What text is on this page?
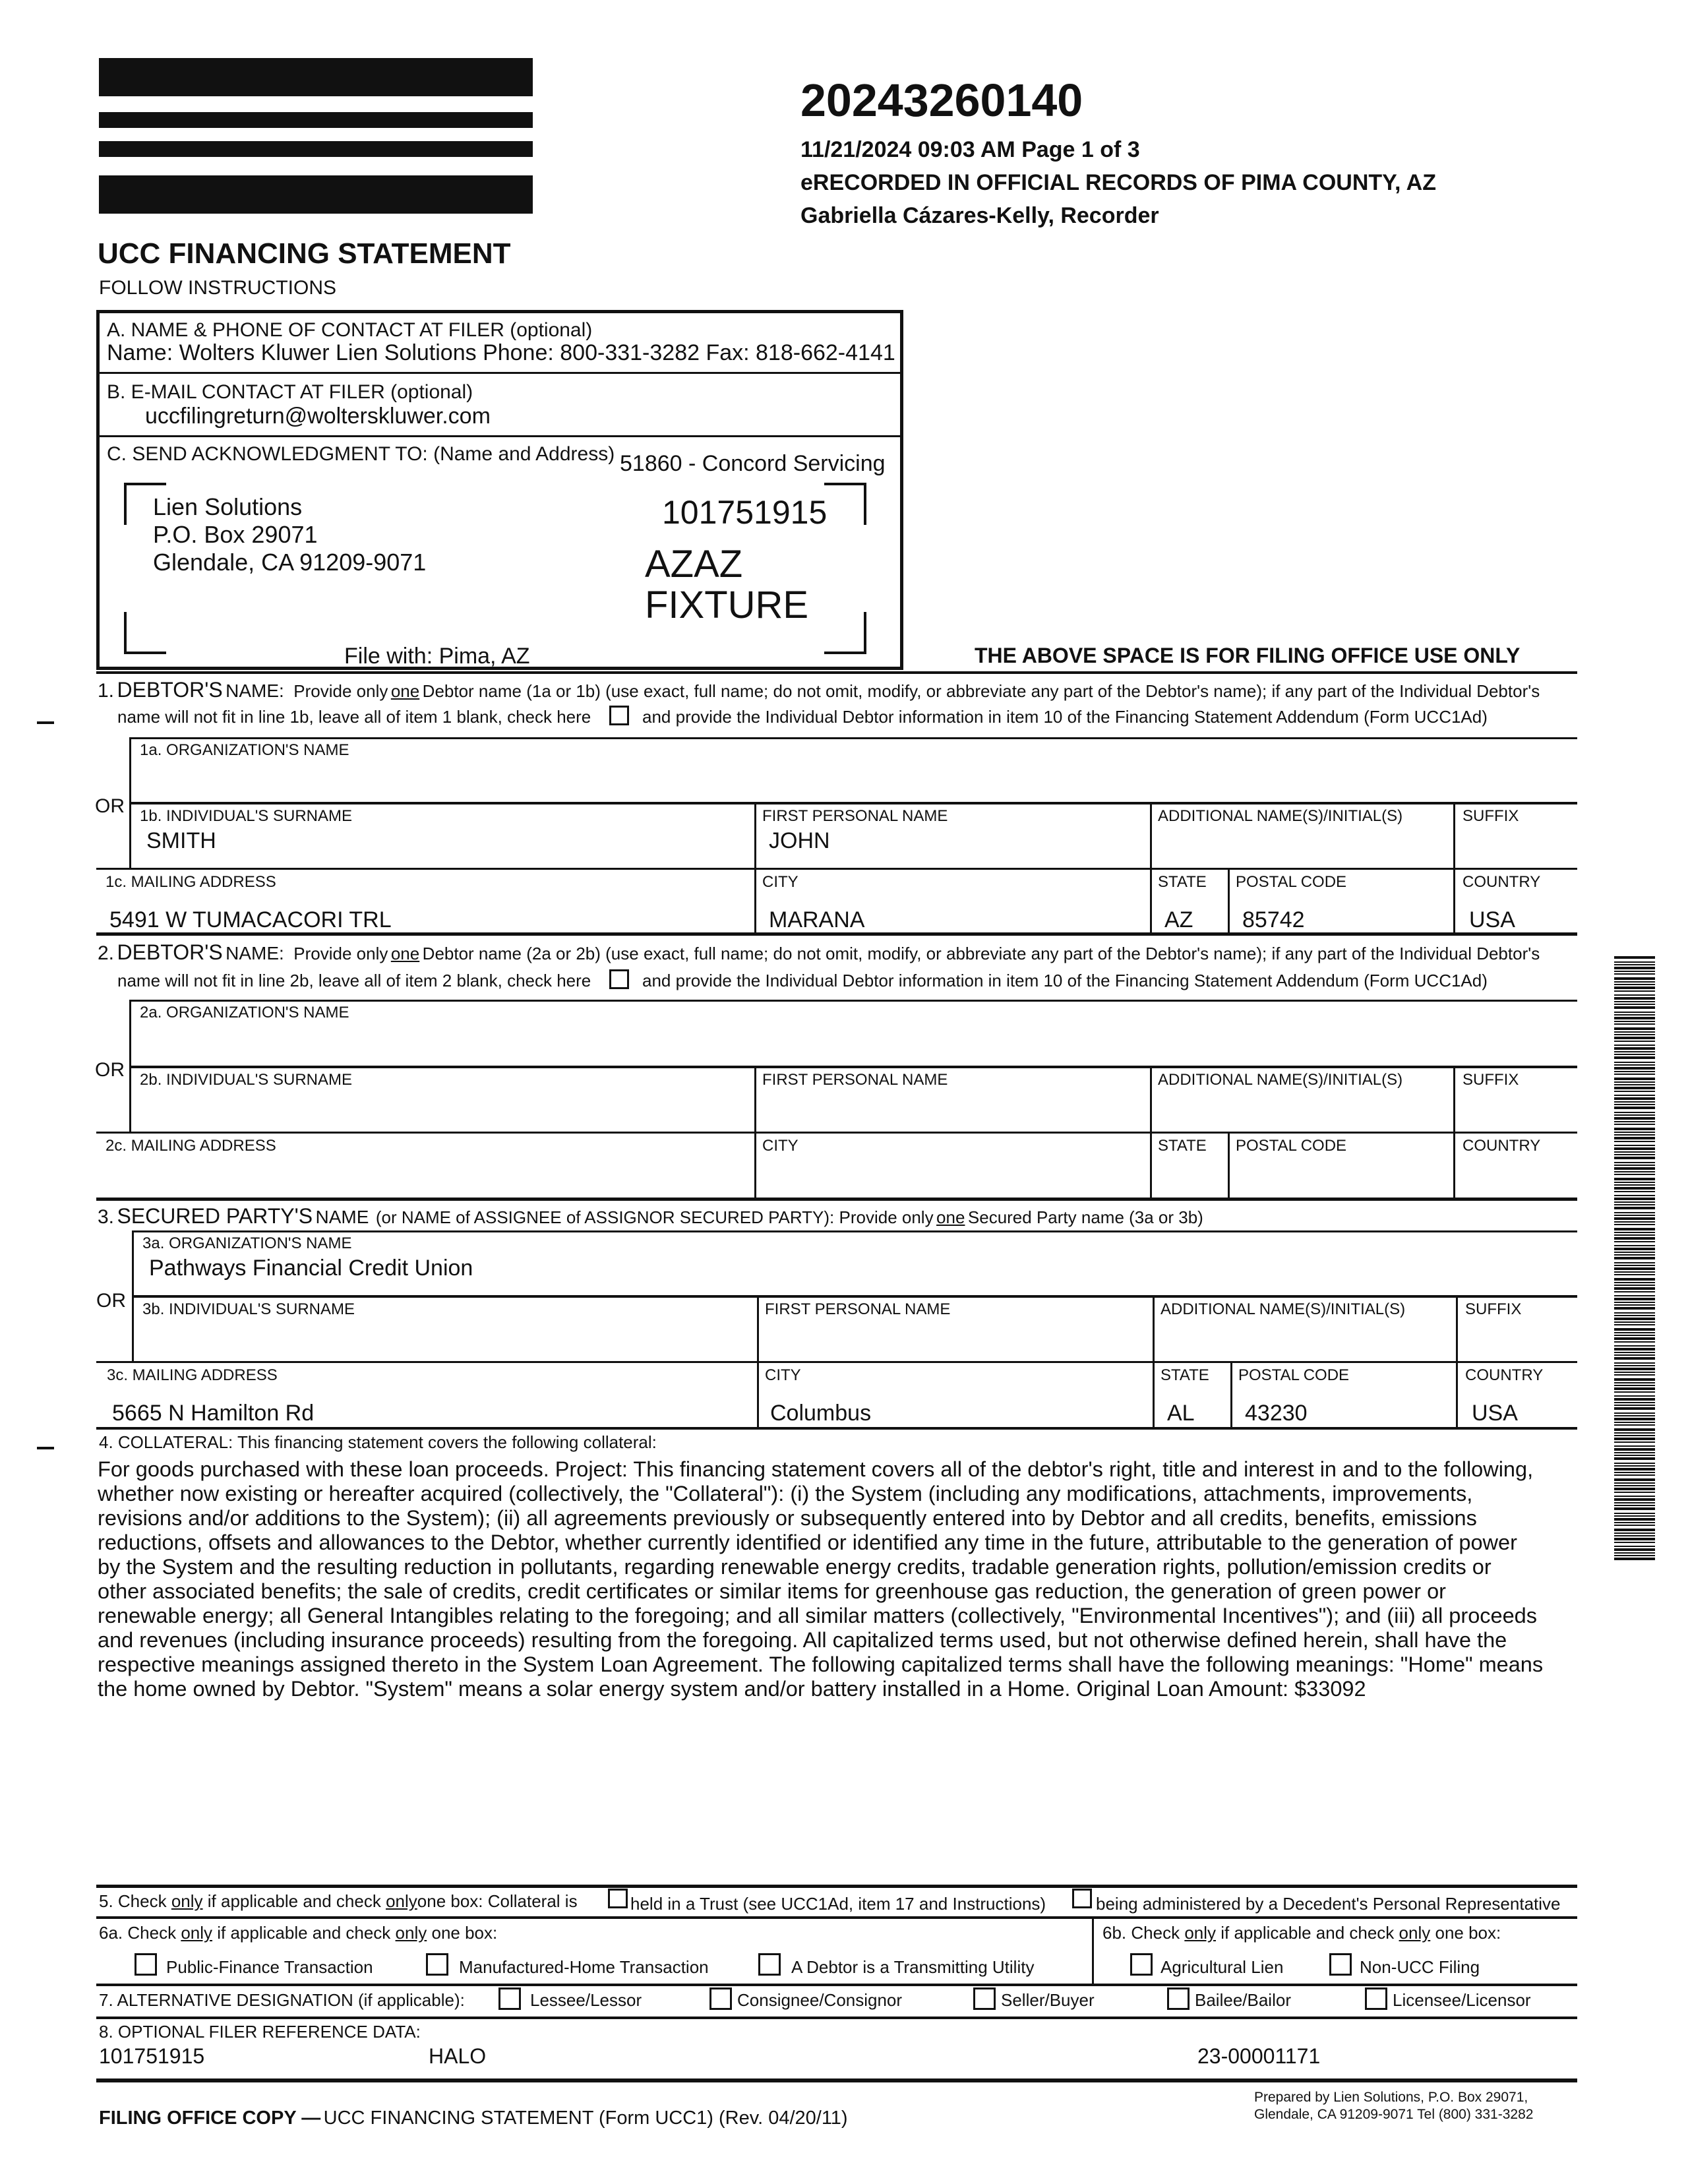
20243260140
11/21/2024 09:03 AM Page 1 of 3
eRECORDED IN OFFICIAL RECORDS OF PIMA COUNTY, AZ
Gabriella Cázares-Kelly, Recorder
UCC FINANCING STATEMENT
FOLLOW INSTRUCTIONS
A. NAME & PHONE OF CONTACT AT FILER (optional)
Name: Wolters Kluwer Lien Solutions Phone: 800-331-3282 Fax: 818-662-4141
B. E-MAIL CONTACT AT FILER (optional)
uccfilingreturn@wolterskluwer.com
C. SEND ACKNOWLEDGMENT TO: (Name and Address) 51860 - Concord Servicing
Lien Solutions
P.O. Box 29071
Glendale, CA 91209-9071
101751915
AZAZ
FIXTURE
File with: Pima, AZ	THE ABOVE SPACE IS FOR FILING OFFICE USE ONLY
1. DEBTOR'S NAME: Provide only one Debtor name (1a or 1b) (use exact, full name; do not omit, modify, or abbreviate any part of the Debtor's name); if any part of the Individual Debtor's
name will not fit in line 1b, leave all of item 1 blank, check here	and provide the Individual Debtor information in item 10 of the Financing Statement Addendum (Form UCC1Ad)
1a. ORGANIZATION'S NAME
OR 1b. INDIVIDUAL'S SURNAME
SMITH
FIRST PERSONAL NAME
JOHN
ADDITIONAL NAME(S)/INITIAL(S)	SUFFIX
1c. MAILING ADDRESS
5491 W TUMACACORI TRL
CITY
MARANA
STATE
AZ
POSTAL CODE
85742
COUNTRY
USA
2. DEBTOR'S NAME: Provide only one Debtor name (2a or 2b) (use exact, full name; do not omit, modify, or abbreviate any part of the Debtor's name); if any part of the Individual Debtor's
name will not fit in line 2b, leave all of item 2 blank, check here	and provide the Individual Debtor information in item 10 of the Financing Statement Addendum (Form UCC1Ad)
2a. ORGANIZATION'S NAME
OR 2b. INDIVIDUAL'S SURNAME	FIRST PERSONAL NAME	ADDITIONAL NAME(S)/INITIAL(S)	SUFFIX
2c. MAILING ADDRESS	CITY	STATE POSTAL CODE	COUNTRY
3. SECURED PARTY'S NAME (or NAME of ASSIGNEE of ASSIGNOR SECURED PARTY): Provide only one Secured Party name (3a or 3b)
3a. ORGANIZATION'S NAME
Pathways Financial Credit Union
OR 3b. INDIVIDUAL'S SURNAME	FIRST PERSONAL NAME	ADDITIONAL NAME(S)/INITIAL(S)	SUFFIX
3c. MAILING ADDRESS
5665 N Hamilton Rd
CITY
Columbus
STATE
AL
POSTAL CODE
43230
COUNTRY
USA
4. COLLATERAL: This financing statement covers the following collateral:
For goods purchased with these loan proceeds. Project: This financing statement covers all of the debtor's right, title and interest in and to the following,
whether now existing or hereafter acquired (collectively, the "Collateral"): (i) the System (including any modifications, attachments, improvements,
revisions and/or additions to the System); (ii) all agreements previously or subsequently entered into by Debtor and all credits, benefits, emissions
reductions, offsets and allowances to the Debtor, whether currently identified or identified any time in the future, attributable to the generation of power
by the System and the resulting reduction in pollutants, regarding renewable energy credits, tradable generation rights, pollution/emission credits or
other associated benefits; the sale of credits, credit certificates or similar items for greenhouse gas reduction, the generation of green power or
renewable energy; all General Intangibles relating to the foregoing; and all similar matters (collectively, "Environmental Incentives"); and (iii) all proceeds
and revenues (including insurance proceeds) resulting from the foregoing. All capitalized terms used, but not otherwise defined herein, shall have the
respective meanings assigned thereto in the System Loan Agreement. The following capitalized terms shall have the following meanings: "Home" means
the home owned by Debtor. "System" means a solar energy system and/or battery installed in a Home. Original Loan Amount: $33092
5. Check only if applicable and check onlyone box: Collateral is	held in a Trust (see UCC1Ad, item 17 and Instructions)	being administered by a Decedent's Personal Representative
6a. Check only if applicable and check only one box:	6b. Check only if applicable and check only one box:
Public-Finance Transaction	Manufactured-Home Transaction	A Debtor is a Transmitting Utility	Agricultural Lien	Non-UCC Filing
7. ALTERNATIVE DESIGNATION (if applicable):	Lessee/Lessor	Consignee/Consignor	Seller/Buyer	Bailee/Bailor	Licensee/Licensor
8. OPTIONAL FILER REFERENCE DATA:
101751915	HALO	23-00001171
FILING OFFICE COPY — UCC FINANCING STATEMENT (Form UCC1) (Rev. 04/20/11)
Prepared by Lien Solutions, P.O. Box 29071,
Glendale, CA 91209-9071 Tel (800) 331-3282
